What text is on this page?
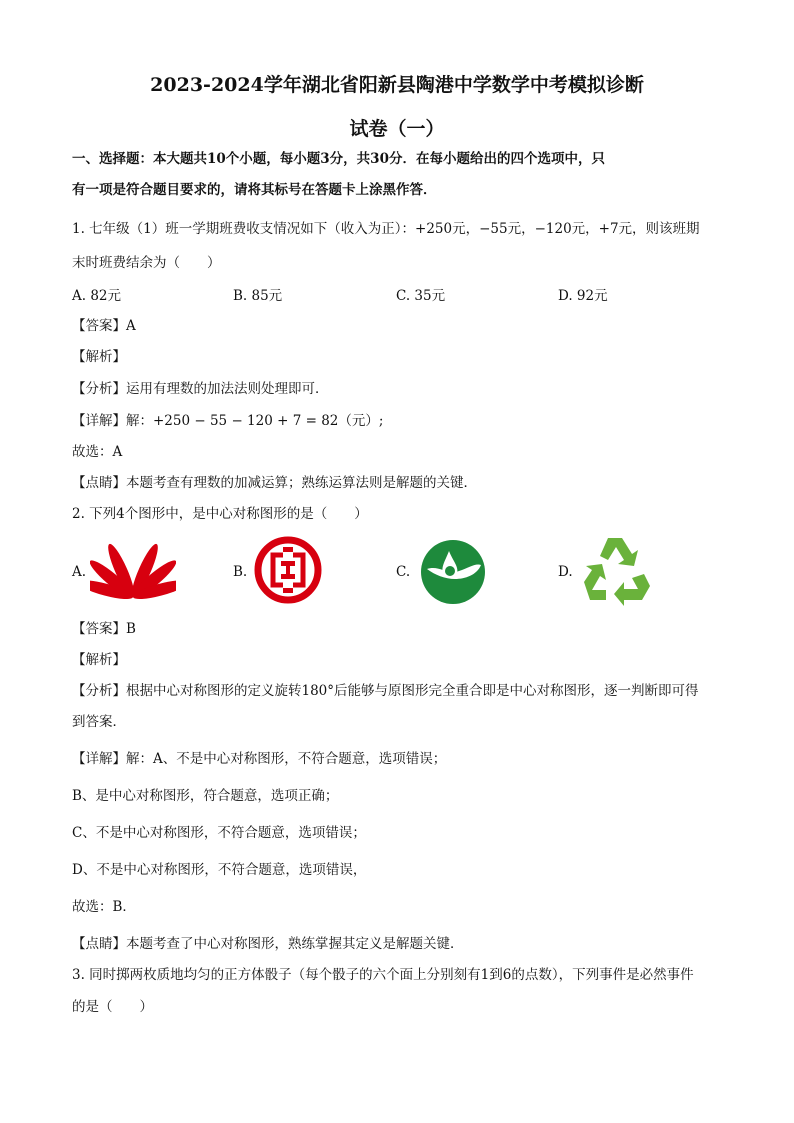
2023-2024学年湖北省阳新县陶港中学数学中考模拟诊断
试卷（一）
一、选择题：本大题共10个小题，每小题3分，共30分．在每小题给出的四个选项中，只
有一项是符合题目要求的，请将其标号在答题卡上涂黑作答．
1. 七年级（1）班一学期班费收支情况如下（收入为正）：+250元，−55元，−120元，+7元，则该班期
末时班费结余为（　　）
A. 82元	B. 85元	C. 35元	D. 92元
【答案】A
【解析】
【分析】运用有理数的加法法则处理即可．
【详解】解：+250 − 55 − 120 + 7 = 82（元）;
故选：A
【点睛】本题考查有理数的加减运算；熟练运算法则是解题的关键．
2. 下列4个图形中，是中心对称图形的是（　　）
A.	B.	C.	D.
【答案】B
【解析】
【分析】根据中心对称图形的定义旋转180°后能够与原图形完全重合即是中心对称图形，逐一判断即可得
到答案．
【详解】解：A、不是中心对称图形，不符合题意，选项错误；
B、是中心对称图形，符合题意，选项正确；
C、不是中心对称图形，不符合题意，选项错误；
D、不是中心对称图形，不符合题意，选项错误，
故选：B．
【点睛】本题考查了中心对称图形，熟练掌握其定义是解题关键．
3. 同时掷两枚质地均匀的正方体骰子（每个骰子的六个面上分别刻有1到6的点数），下列事件是必然事件
的是（　　）
